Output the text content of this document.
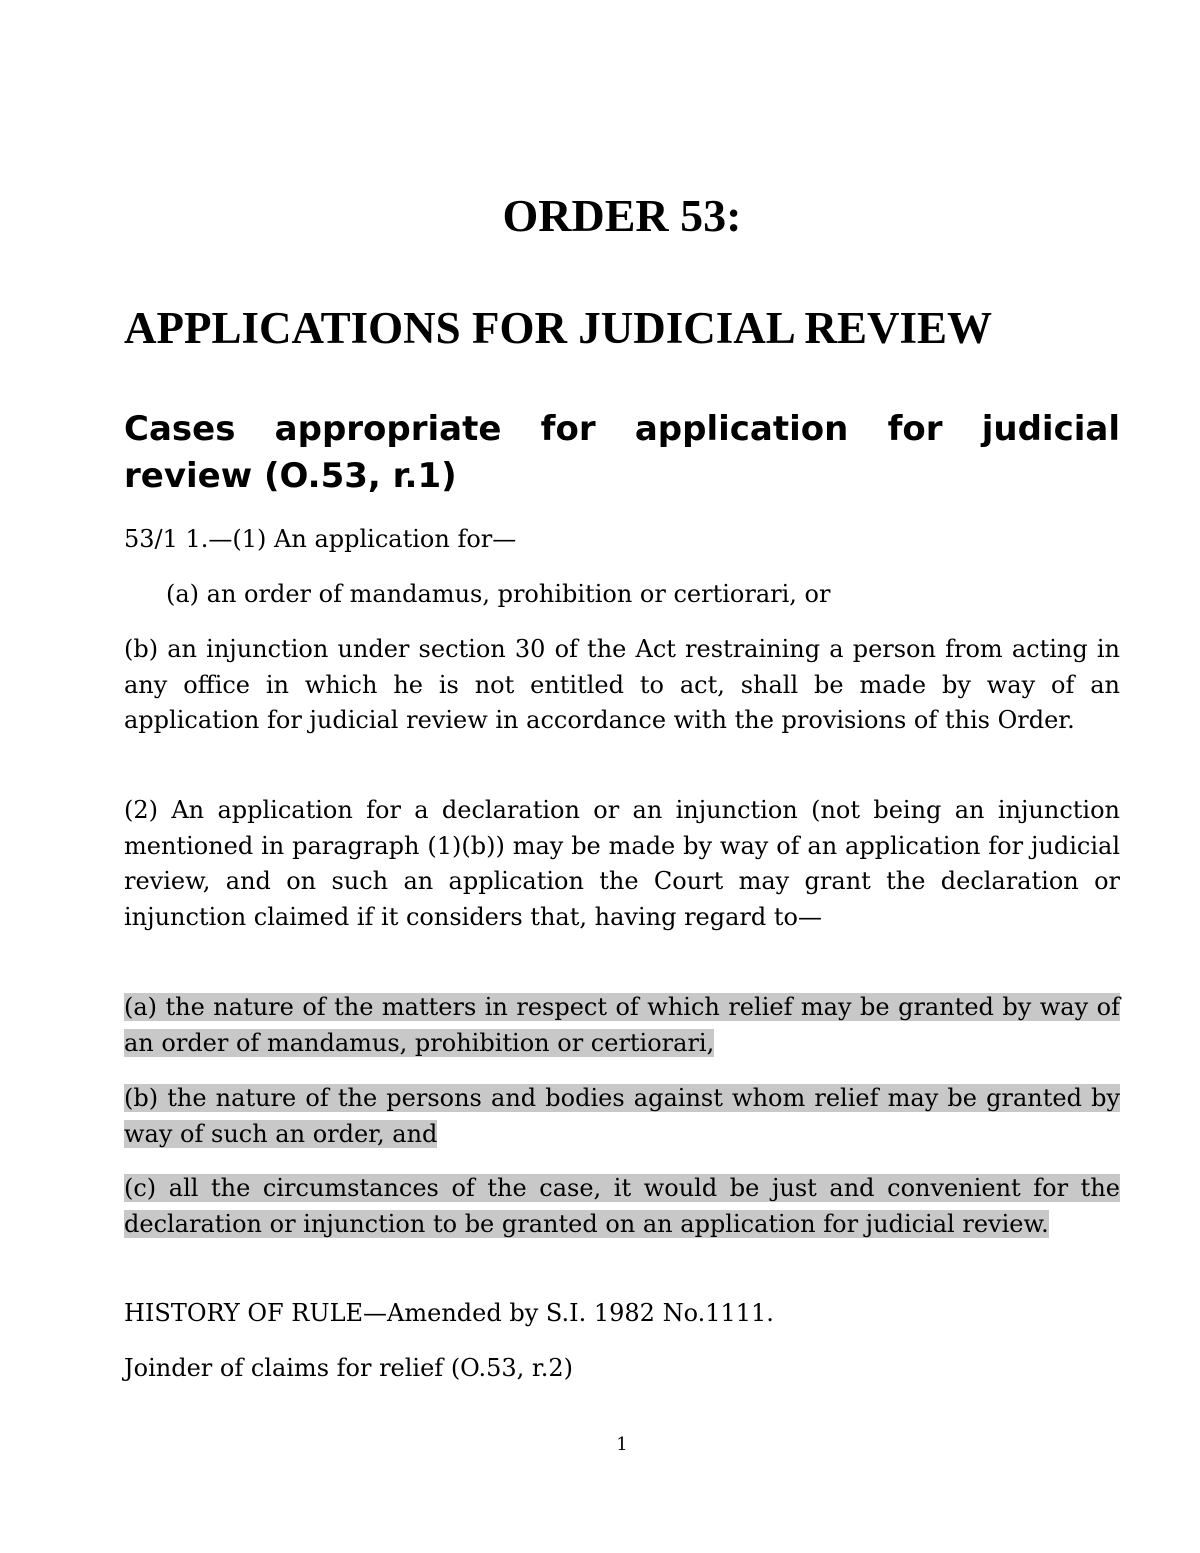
ORDER 53:
APPLICATIONS FOR JUDICIAL REVIEW
Cases appropriate for application for judicial review (O.53, r.1)
53/1 1.—(1) An application for—
(a) an order of mandamus, prohibition or certiorari, or
(b) an injunction under section 30 of the Act restraining a person from acting in any office in which he is not entitled to act, shall be made by way of an application for judicial review in accordance with the provisions of this Order.
(2) An application for a declaration or an injunction (not being an injunction mentioned in paragraph (1)(b)) may be made by way of an application for judicial review, and on such an application the Court may grant the declaration or injunction claimed if it considers that, having regard to—
(a) the nature of the matters in respect of which relief may be granted by way of an order of mandamus, prohibition or certiorari,
(b) the nature of the persons and bodies against whom relief may be granted by way of such an order, and
(c) all the circumstances of the case, it would be just and convenient for the declaration or injunction to be granted on an application for judicial review.
HISTORY OF RULE—Amended by S.I. 1982 No.1111.
Joinder of claims for relief (O.53, r.2)
1
